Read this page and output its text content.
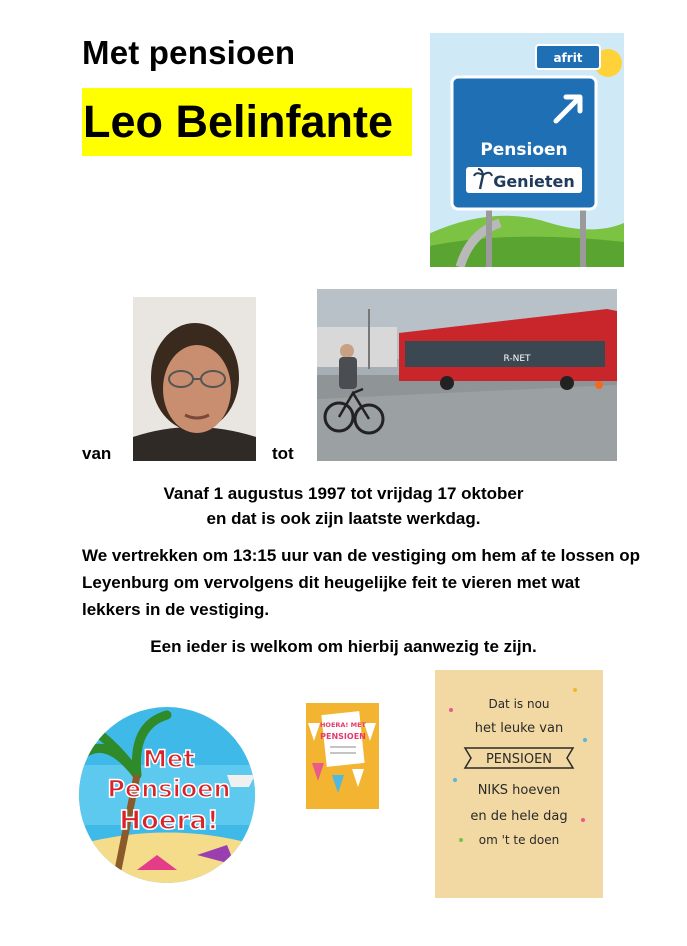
Met pensioen
Leo Belinfante
afrit
Pensioen
Genieten
van	tot
R-NET
Vanaf 1 augustus 1997 tot vrijdag 17 oktober
en dat is ook zijn laatste werkdag.
We vertrekken om 13:15 uur van de vestiging om hem af te lossen op Leyenburg om vervolgens dit heugelijke feit te vieren met wat lekkers in de vestiging.
Een ieder is welkom om hierbij aanwezig te zijn.
Met
Pensioen
Hoera!
HOERA! MET
PENSIOEN
Dat is nou
het leuke van
PENSIOEN
NIKS hoeven
en de hele dag
om 't te doen
